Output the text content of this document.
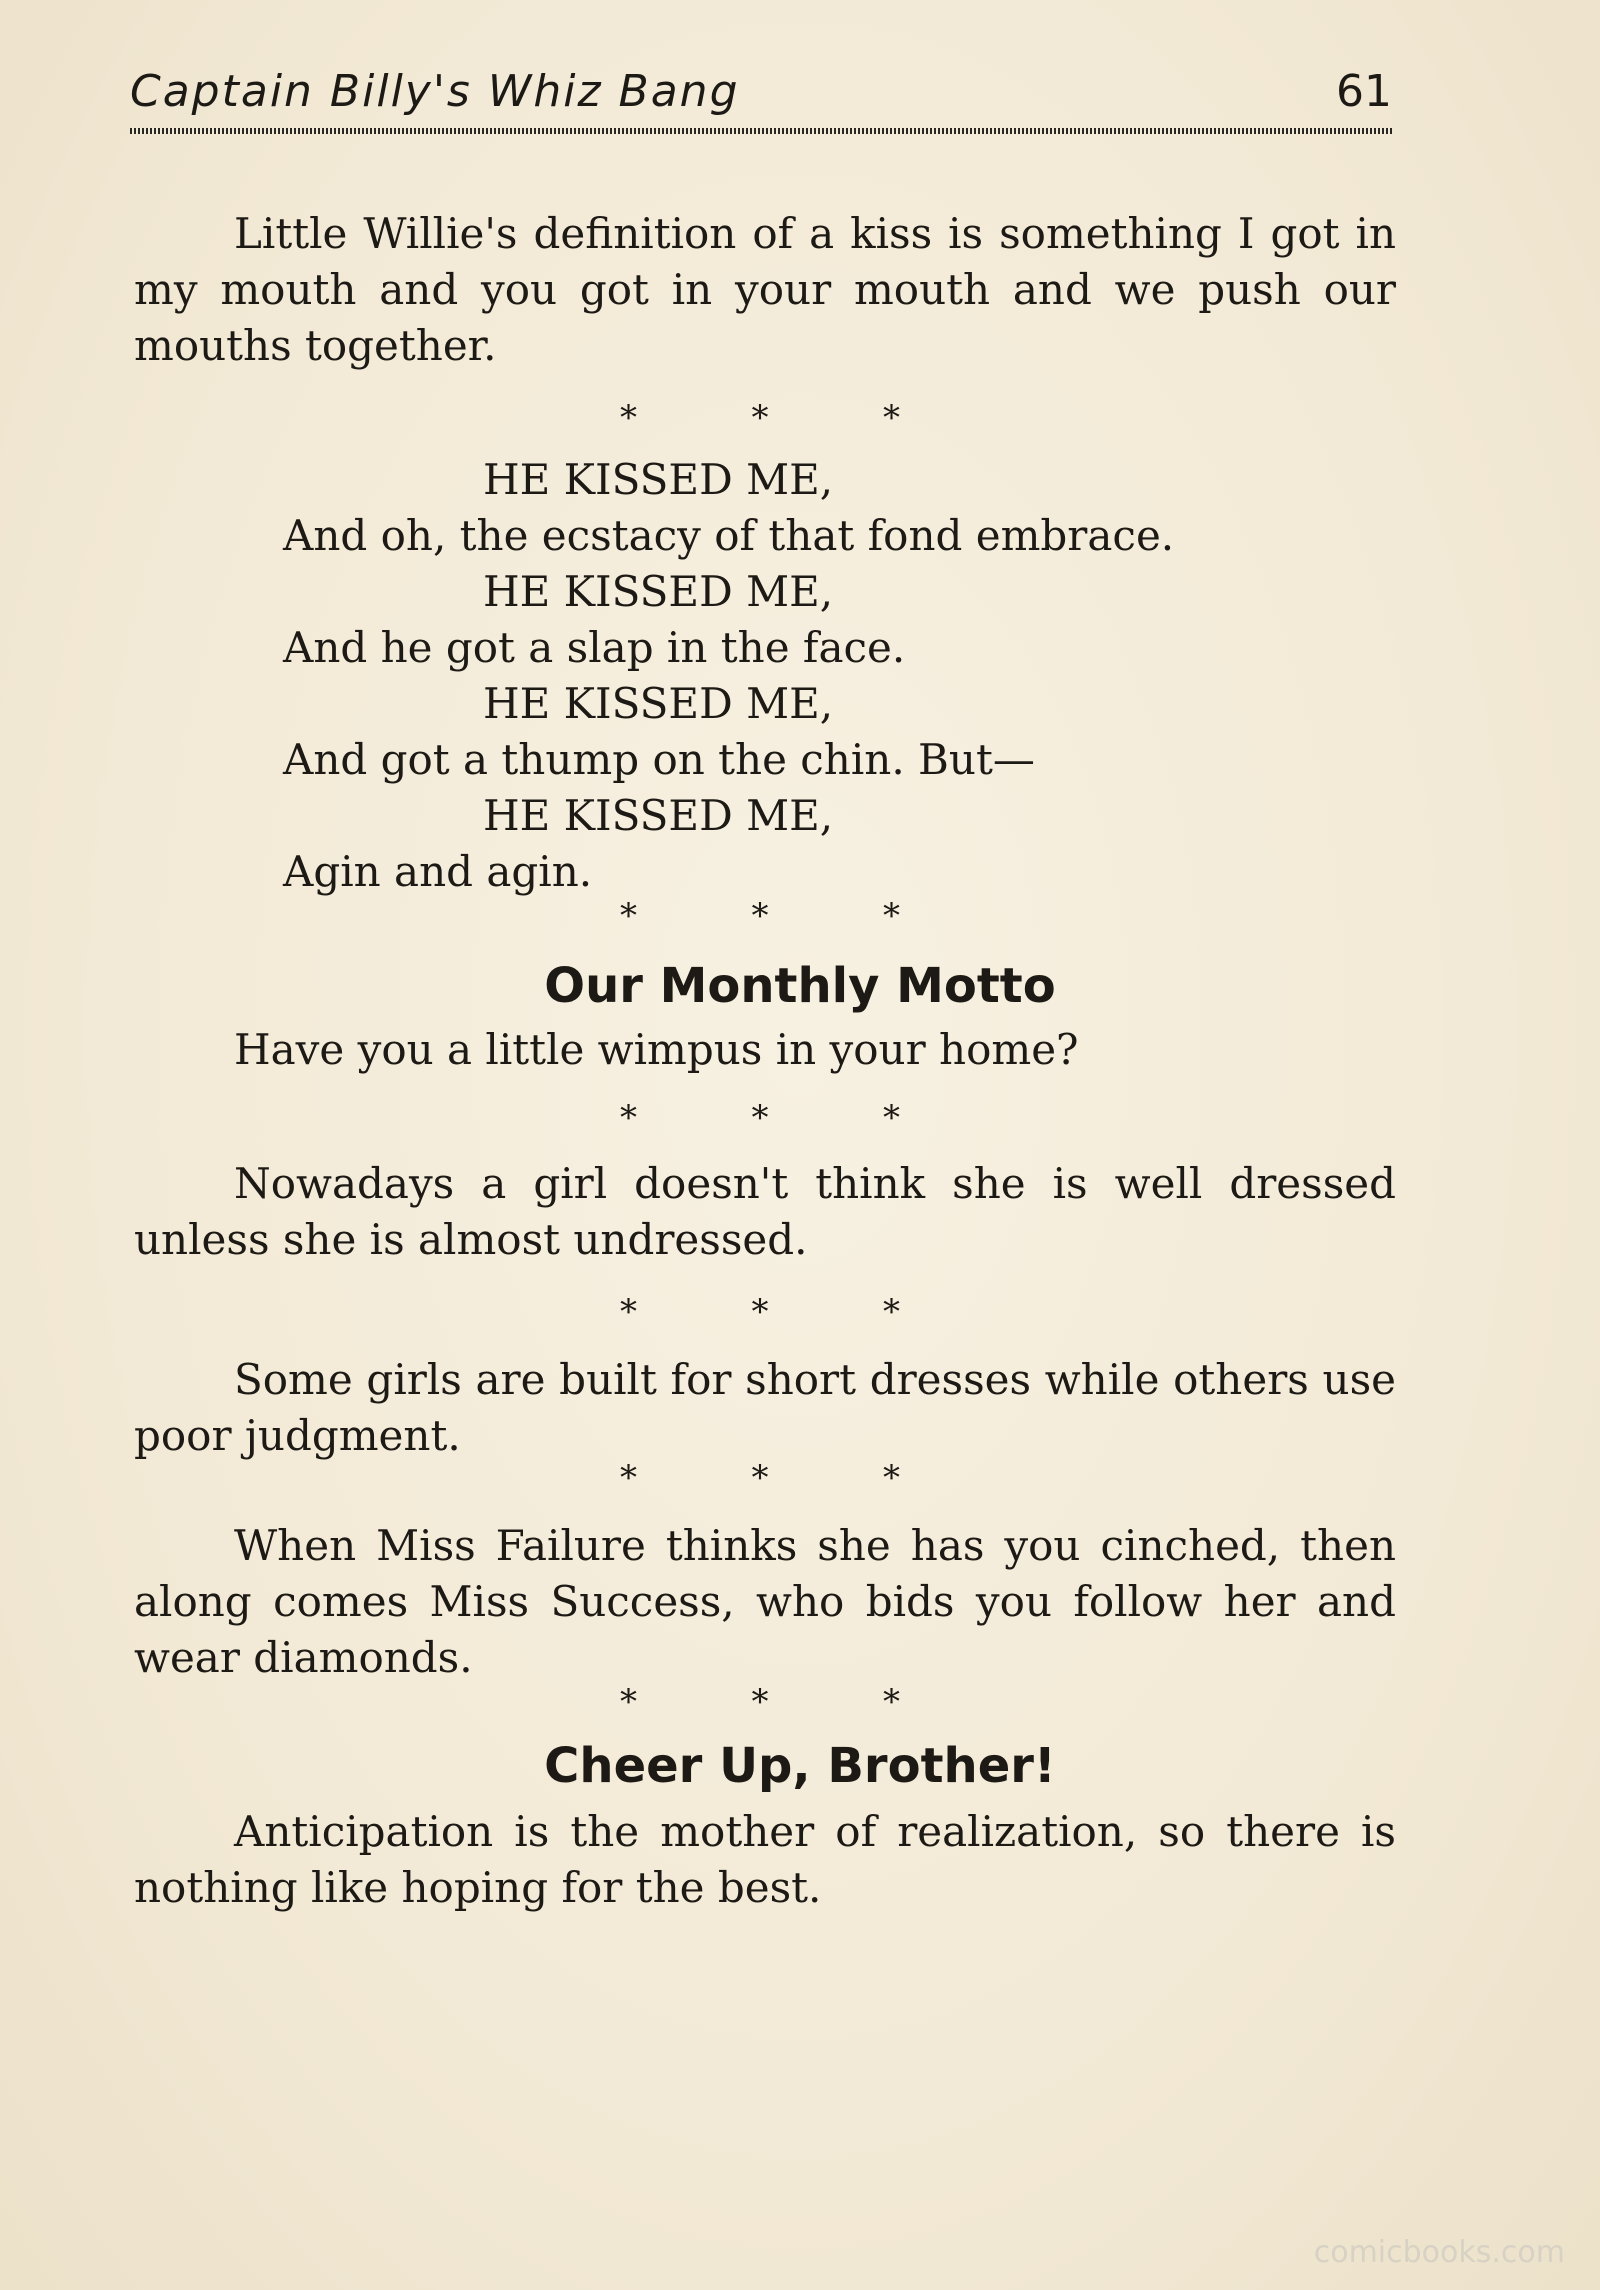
Captain Billy's Whiz Bang	61
Little Willie's definition of a kiss is something I got in my mouth and you got in your mouth and we push our mouths together.
*	*	*
HE KISSED ME,
And oh, the ecstacy of that fond embrace.
HE KISSED ME,
And he got a slap in the face.
HE KISSED ME,
And got a thump on the chin. But—
HE KISSED ME,
Agin and agin.
*	*	*
Our Monthly Motto
Have you a little wimpus in your home?
*	*	*
Nowadays a girl doesn't think she is well dressed unless she is almost undressed.
*	*	*
Some girls are built for short dresses while others use poor judgment.
*	*	*
When Miss Failure thinks she has you cinched, then along comes Miss Success, who bids you follow her and wear diamonds.
*	*	*
Cheer Up, Brother!
Anticipation is the mother of realization, so there is nothing like hoping for the best.
comicbooks.com
